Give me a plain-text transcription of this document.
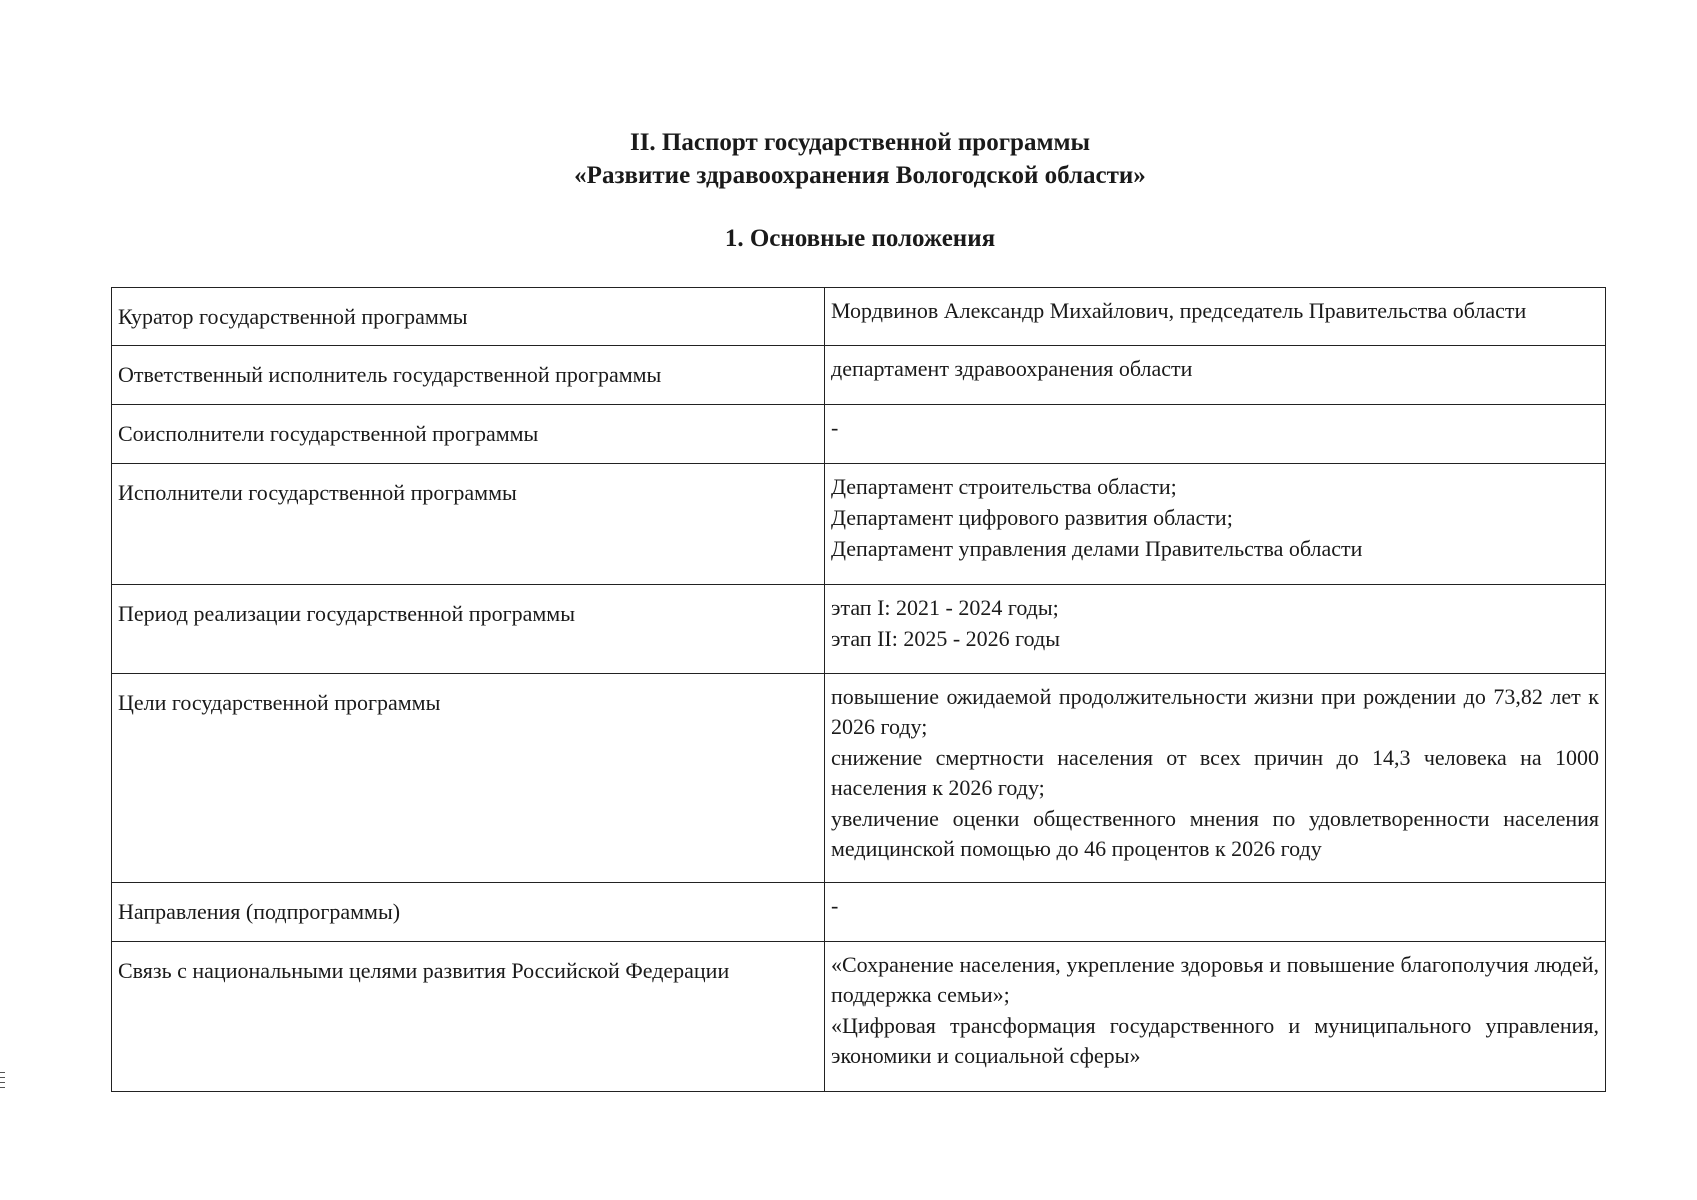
II. Паспорт государственной программы
«Развитие здравоохранения Вологодской области»
1. Основные положения
Куратор государственной программы	Мордвинов Александр Михайлович, председатель Правительства области

Ответственный исполнитель государственной программы	департамент здравоохранения области

Соисполнители государственной программы	-

Исполнители государственной программы	Департамент строительства области;
Департамент цифрового развития области;
Департамент управления делами Правительства области

Период реализации государственной программы	этап I: 2021 - 2024 годы;
этап II: 2025 - 2026 годы

Цели государственной программы	повышение ожидаемой продолжительности жизни при рождении до 73,82 лет к 2026 году;
снижение смертности населения от всех причин до 14,3 человека на 1000 населения к 2026 году;
увеличение оценки общественного мнения по удовлетворенности населения медицинской помощью до 46 процентов к 2026 году

Направления (подпрограммы)	-

Связь с национальными целями развития Российской Федерации	«Сохранение населения, укрепление здоровья и повышение благополучия людей, поддержка семьи»;
«Цифровая трансформация государственного и муниципального управления, экономики и социальной сферы»
